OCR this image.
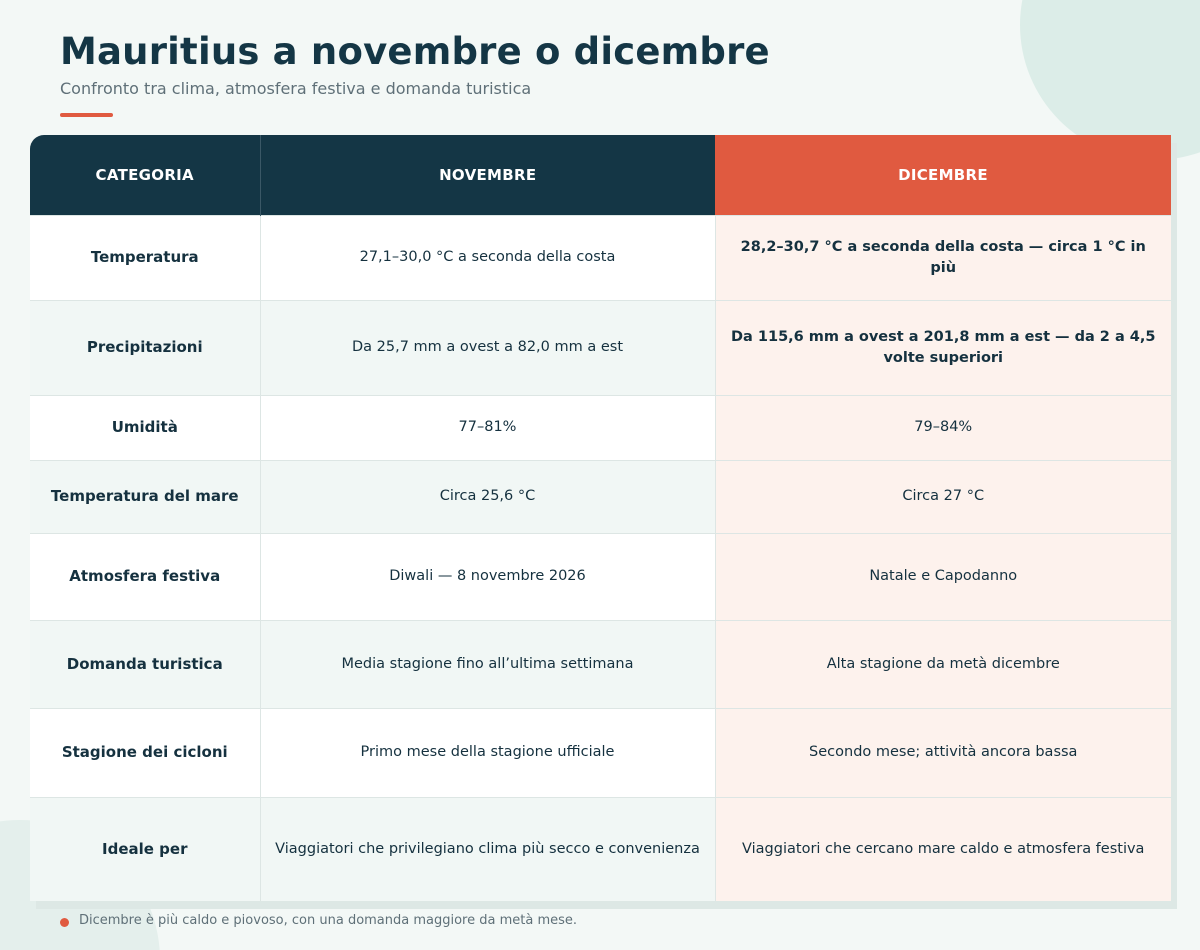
Mauritius a novembre o dicembre
Confronto tra clima, atmosfera festiva e domanda turistica
CATEGORIA	NOVEMBRE	DICEMBRE
Temperatura	27,1–30,0 °C a seconda della costa	28,2–30,7 °C a seconda della costa — circa 1 °C in più
Precipitazioni	Da 25,7 mm a ovest a 82,0 mm a est	Da 115,6 mm a ovest a 201,8 mm a est — da 2 a 4,5 volte superiori
Umidità	77–81%	79–84%
Temperatura del mare	Circa 25,6 °C	Circa 27 °C
Atmosfera festiva	Diwali — 8 novembre 2026	Natale e Capodanno
Domanda turistica	Media stagione fino all’ultima settimana	Alta stagione da metà dicembre
Stagione dei cicloni	Primo mese della stagione ufficiale	Secondo mese; attività ancora bassa
Ideale per	Viaggiatori che privilegiano clima più secco e convenienza	Viaggiatori che cercano mare caldo e atmosfera festiva
Dicembre è più caldo e piovoso, con una domanda maggiore da metà mese.
